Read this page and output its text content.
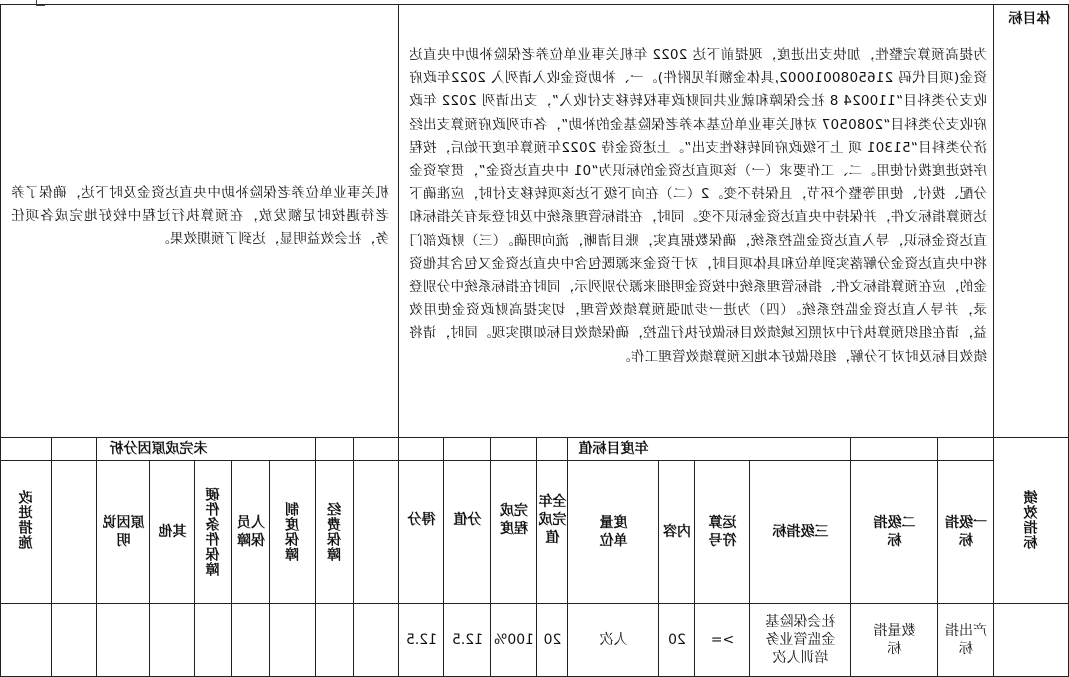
体目标
为提高预算完整性，加快支出进度，现提前下达 2022 年机关事业单位养老保险补助中央直达资金(项目代码 2165080010002,具体金额详见附件)。一、补助资金收入请列入 2022年政府收支分类科目“110024 8 社会保障和就业共同财政事权转移支付收入”，支出请列 2022 年政府收支分类科目“2080507 对机关事业单位基本养老保险基金的补助”，各市列政府预算支出经济分类科目“51301 项 上下级政府间转移性支出”。上述资金待 2022年预算年度开始后，按程序按进度拨付使用。二、工作要求（一）该项直达资金的标识为“01 中央直达资金”，贯穿资金分配、拨付、使用等整个环节，且保持不变。2（二）在向下级下达该项转移支付时，应准确下达预算指标文件，并保持中央直达资金标识不变。同时，在指标管理系统中及时登录有关指标和直达资金标识，导入直达资金监控系统，确保数据真实，账目清晰，流向明确。（三）财政部门将中央直达资金分解落实到单位和具体项目时，对于资金来源既包含中央直达资金又包含其他资金的，应在预算指标文件、指标管理系统中按资金明细来源分别列示，同时在指标系统中分别登录，并导入直达资金监控系统。（四）为进一步加强预算绩效管理，切实提高财政资金使用效益，请在组织预算执行中对照区域绩效目标做好执行监控，确保绩效目标如期实现。同时，请将绩效目标及时对下分解，组织做好本地区预算绩效管理工作。
机关事业单位养老保险补助中央直达资金及时下达，确保了养老待遇按时足额发放，在预算执行过程中较好地完成各项任务，社会效益明显，达到了预期效果。
绩效指标
年度目标值
未完成原因分析
一级指标
二级指标
三级指标
运算符号
内容
度量单位
全年完成值
完成程度
分值
得分
经费保障
制度保障
人员保障
硬件条件保障
其他
原因说明
改进措施
产出指标
数量指标
社会保险基金监管业务培训人次
>=
20
人次
20
100%
12.5
12.5
